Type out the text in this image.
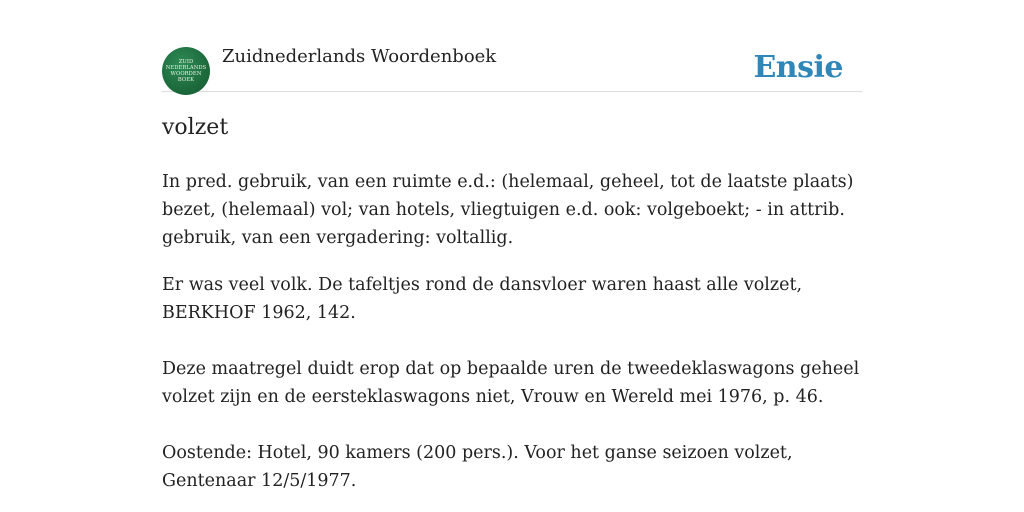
ZUID
NEDERLANDS
WOORDEN
BOEK
Zuidnederlands Woordenboek	Ensie
volzet

In pred. gebruik, van een ruimte e.d.: (helemaal, geheel, tot de laatste plaats) bezet, (helemaal) vol; van hotels, vliegtuigen e.d. ook: volgeboekt; - in attrib. gebruik, van een vergadering: voltallig.

Er was veel volk. De tafeltjes rond de dansvloer waren haast alle volzet, BERKHOF 1962, 142.

Deze maatregel duidt erop dat op bepaalde uren de tweedeklaswagons geheel volzet zijn en de eersteklaswagons niet, Vrouw en Wereld mei 1976, p. 46.

Oostende: Hotel, 90 kamers (200 pers.). Voor het ganse seizoen volzet, Gentenaar 12/5/1977.
